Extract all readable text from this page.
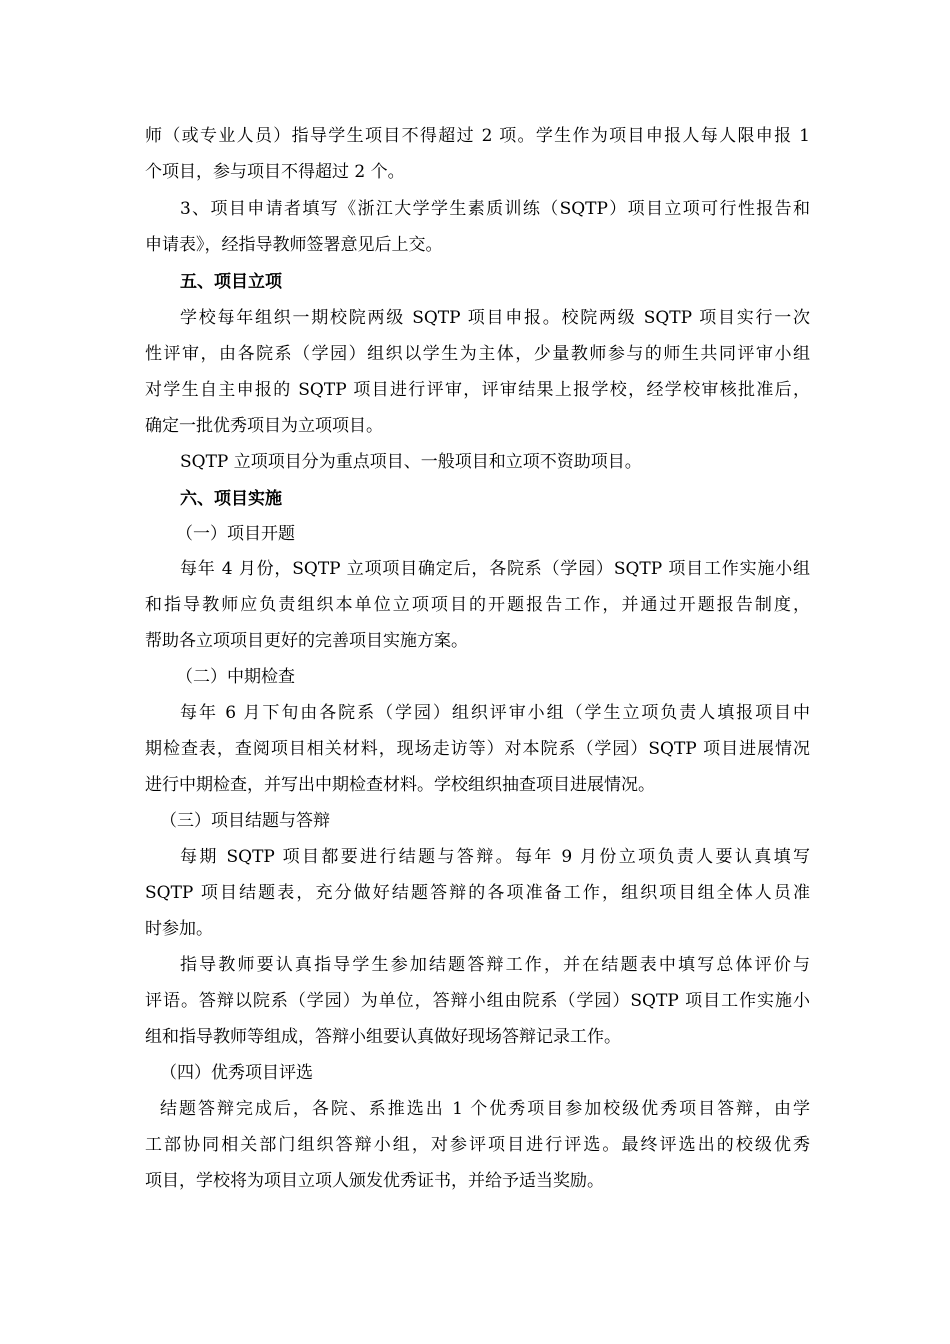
师（或专业人员）指导学生项目不得超过 2 项。学生作为项目申报人每人限申报 1
个项目，参与项目不得超过 2 个。
3、项目申请者填写《浙江大学学生素质训练（SQTP）项目立项可行性报告和
申请表》，经指导教师签署意见后上交。
五、项目立项
学校每年组织一期校院两级 SQTP 项目申报。校院两级 SQTP 项目实行一次
性评审，由各院系（学园）组织以学生为主体，少量教师参与的师生共同评审小组
对学生自主申报的 SQTP 项目进行评审，评审结果上报学校，经学校审核批准后，
确定一批优秀项目为立项项目。
SQTP 立项项目分为重点项目、一般项目和立项不资助项目。
六、项目实施
（一）项目开题
每年 4 月份，SQTP 立项项目确定后，各院系（学园）SQTP 项目工作实施小组
和指导教师应负责组织本单位立项项目的开题报告工作，并通过开题报告制度，
帮助各立项项目更好的完善项目实施方案。
（二）中期检查
每年 6 月下旬由各院系（学园）组织评审小组（学生立项负责人填报项目中
期检查表，查阅项目相关材料，现场走访等）对本院系（学园）SQTP 项目进展情况
进行中期检查，并写出中期检查材料。学校组织抽查项目进展情况。
（三）项目结题与答辩
每期 SQTP 项目都要进行结题与答辩。每年 9 月份立项负责人要认真填写
SQTP 项目结题表，充分做好结题答辩的各项准备工作，组织项目组全体人员准
时参加。
指导教师要认真指导学生参加结题答辩工作，并在结题表中填写总体评价与
评语。答辩以院系（学园）为单位，答辩小组由院系（学园）SQTP 项目工作实施小
组和指导教师等组成，答辩小组要认真做好现场答辩记录工作。
（四）优秀项目评选
结题答辩完成后，各院、系推选出 1 个优秀项目参加校级优秀项目答辩，由学
工部协同相关部门组织答辩小组，对参评项目进行评选。最终评选出的校级优秀
项目，学校将为项目立项人颁发优秀证书，并给予适当奖励。
